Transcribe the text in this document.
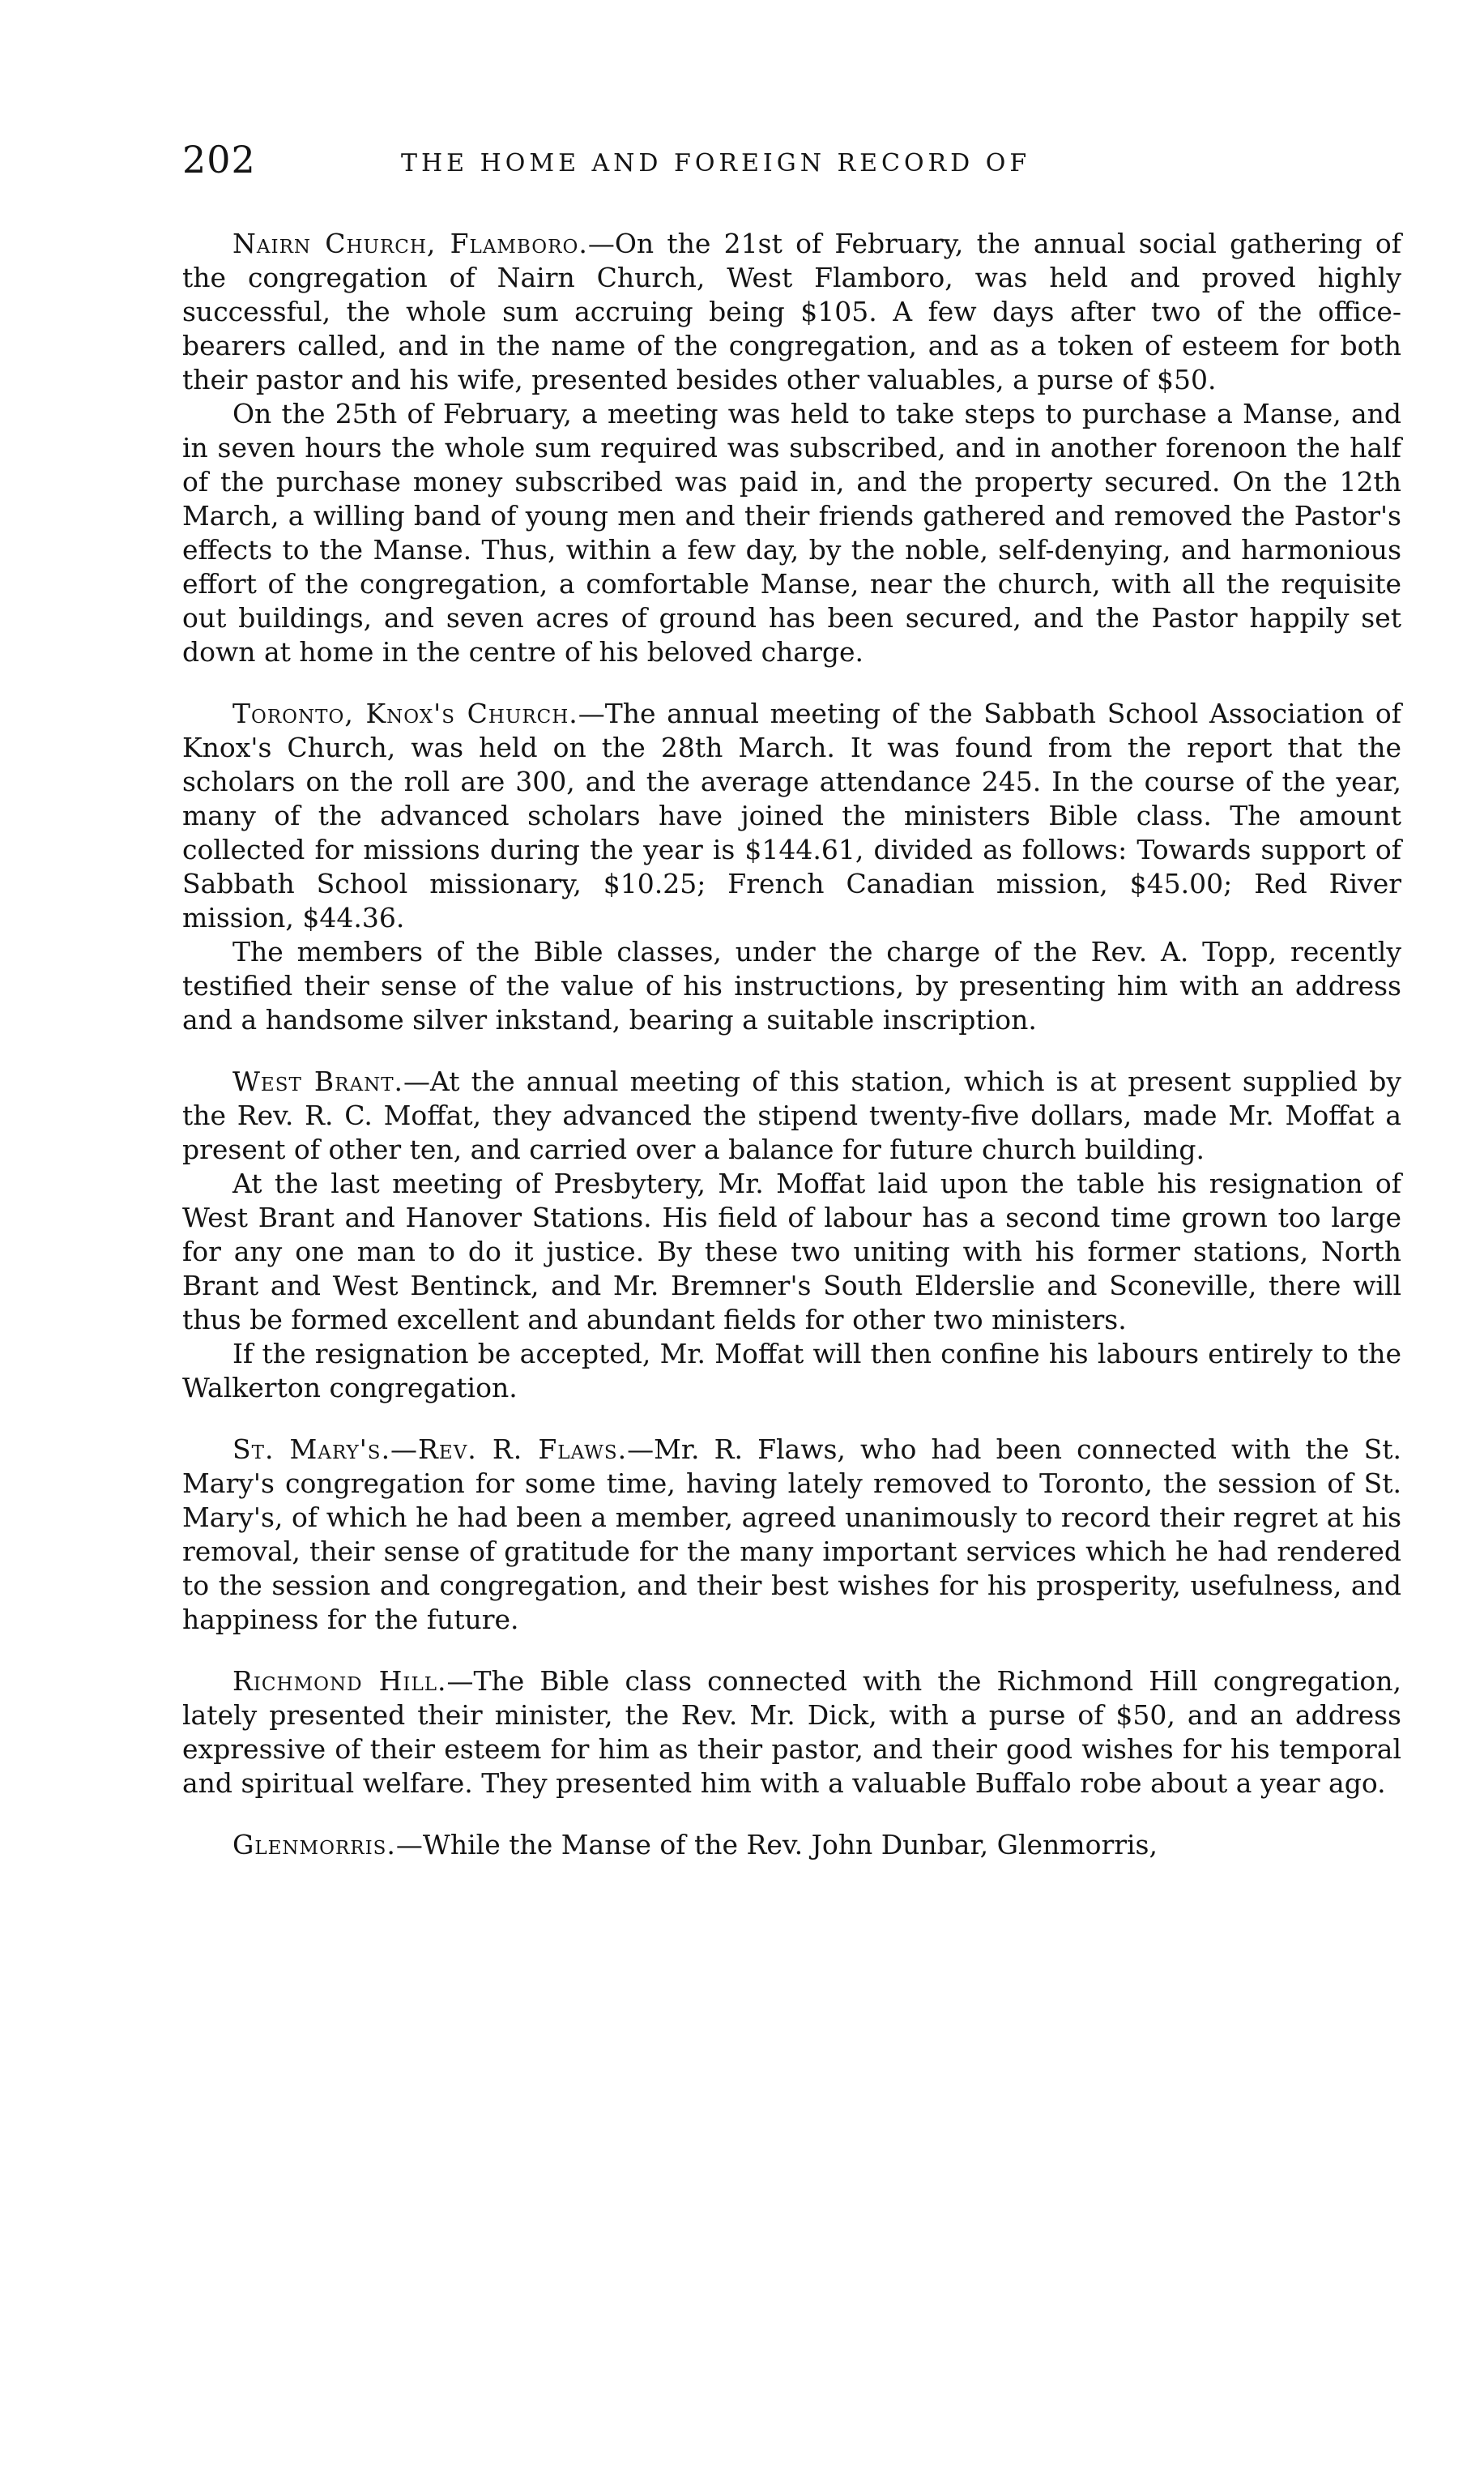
202	THE HOME AND FOREIGN RECORD OF

Nairn Church, Flamboro.—On the 21st of February, the annual social gathering of the congregation of Nairn Church, West Flamboro, was held and proved highly successful, the whole sum accruing being $105. A few days after two of the office-bearers called, and in the name of the congregation, and as a token of esteem for both their pastor and his wife, presented besides other valuables, a purse of $50.

On the 25th of February, a meeting was held to take steps to purchase a Manse, and in seven hours the whole sum required was subscribed, and in another forenoon the half of the purchase money subscribed was paid in, and the property secured. On the 12th March, a willing band of young men and their friends gathered and removed the Pastor's effects to the Manse. Thus, within a few day, by the noble, self-denying, and harmonious effort of the congregation, a comfortable Manse, near the church, with all the requisite out buildings, and seven acres of ground has been secured, and the Pastor happily set down at home in the centre of his beloved charge.

Toronto, Knox's Church.—The annual meeting of the Sabbath School Association of Knox's Church, was held on the 28th March. It was found from the report that the scholars on the roll are 300, and the average attendance 245. In the course of the year, many of the advanced scholars have joined the ministers Bible class. The amount collected for missions during the year is $144.61, divided as follows: Towards support of Sabbath School missionary, $10.25; French Canadian mission, $45.00; Red River mission, $44.36.

The members of the Bible classes, under the charge of the Rev. A. Topp, recently testified their sense of the value of his instructions, by presenting him with an address and a handsome silver inkstand, bearing a suitable inscription.

West Brant.—At the annual meeting of this station, which is at present supplied by the Rev. R. C. Moffat, they advanced the stipend twenty-five dollars, made Mr. Moffat a present of other ten, and carried over a balance for future church building.

At the last meeting of Presbytery, Mr. Moffat laid upon the table his resignation of West Brant and Hanover Stations. His field of labour has a second time grown too large for any one man to do it justice. By these two uniting with his former stations, North Brant and West Bentinck, and Mr. Bremner's South Elderslie and Sconeville, there will thus be formed excellent and abundant fields for other two ministers.

If the resignation be accepted, Mr. Moffat will then confine his labours entirely to the Walkerton congregation.

St. Mary's.—Rev. R. Flaws.—Mr. R. Flaws, who had been connected with the St. Mary's congregation for some time, having lately removed to Toronto, the session of St. Mary's, of which he had been a member, agreed unanimously to record their regret at his removal, their sense of gratitude for the many important services which he had rendered to the session and congregation, and their best wishes for his prosperity, usefulness, and happiness for the future.

Richmond Hill.—The Bible class connected with the Richmond Hill congregation, lately presented their minister, the Rev. Mr. Dick, with a purse of $50, and an address expressive of their esteem for him as their pastor, and their good wishes for his temporal and spiritual welfare. They presented him with a valuable Buffalo robe about a year ago.

Glenmorris.—While the Manse of the Rev. John Dunbar, Glenmorris,
